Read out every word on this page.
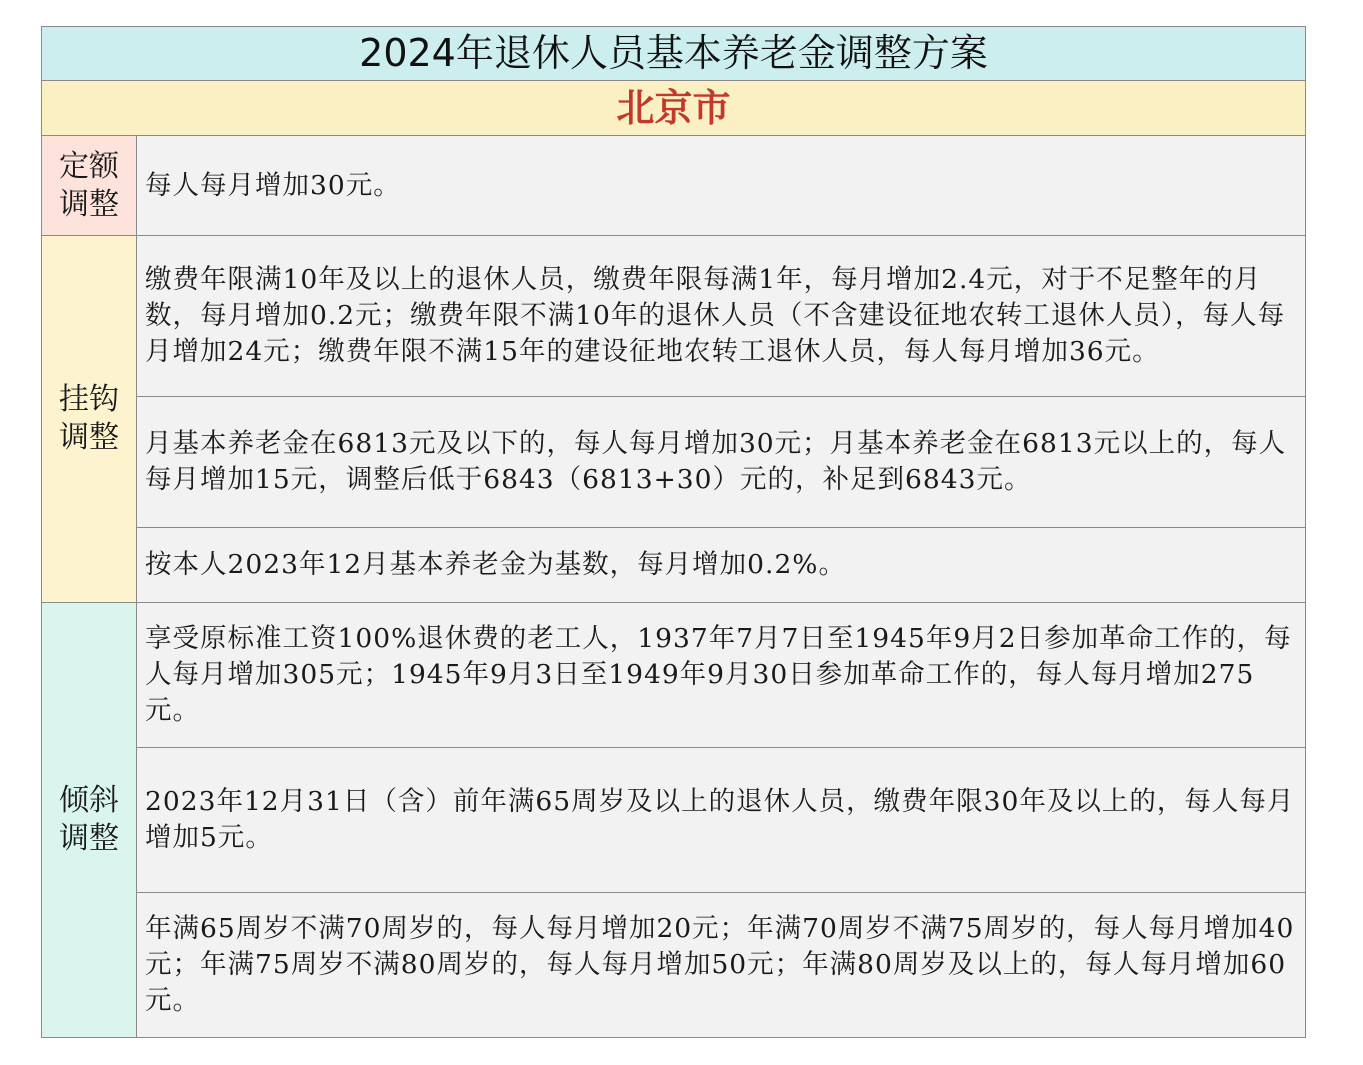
2024年退休人员基本养老金调整方案	
北京市	

定额
调整	每人每月增加30元。

挂钩
调整	缴费年限满10年及以上的退休人员，缴费年限每满1年，每月增加2.4元，对于不足整年的月数，每月增加0.2元；缴费年限不满10年的退休人员（不含建设征地农转工退休人员），每人每月增加24元；缴费年限不满15年的建设征地农转工退休人员，每人每月增加36元。
	月基本养老金在6813元及以下的，每人每月增加30元；月基本养老金在6813元以上的，每人每月增加15元，调整后低于6843（6813+30）元的，补足到6843元。
	按本人2023年12月基本养老金为基数，每月增加0.2%。

倾斜
调整	享受原标准工资100%退休费的老工人，1937年7月7日至1945年9月2日参加革命工作的，每人每月增加305元；1945年9月3日至1949年9月30日参加革命工作的，每人每月增加275元。
	2023年12月31日（含）前年满65周岁及以上的退休人员，缴费年限30年及以上的，每人每月增加5元。
	年满65周岁不满70周岁的，每人每月增加20元；年满70周岁不满75周岁的，每人每月增加40元；年满75周岁不满80周岁的，每人每月增加50元；年满80周岁及以上的，每人每月增加60元。
